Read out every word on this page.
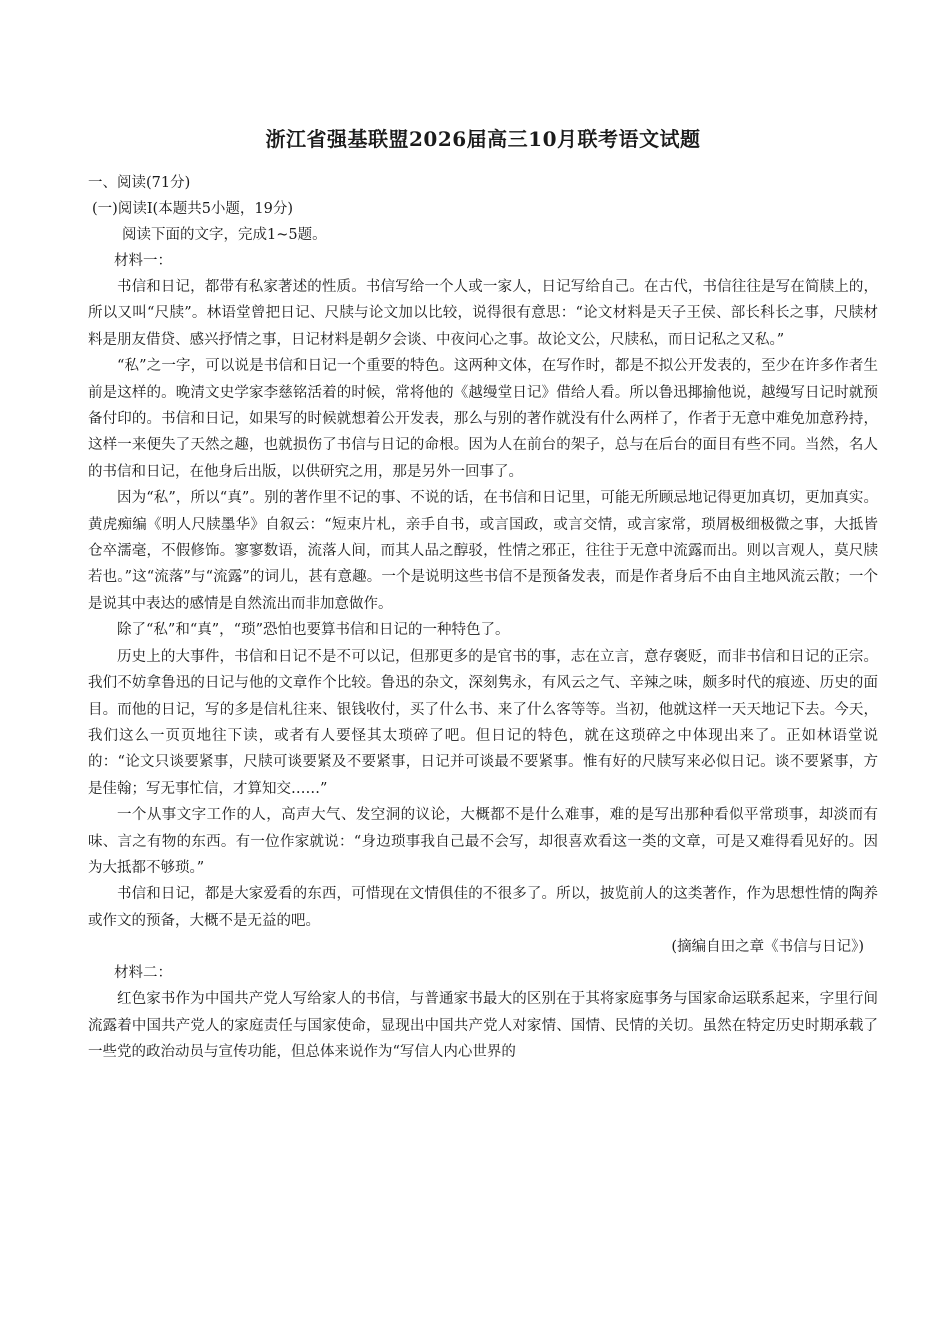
浙江省强基联盟2026届高三10月联考语文试题

一、阅读(71分)

(一)阅读Ⅰ(本题共5小题，19分)

阅读下面的文字，完成1~5题。

材料一：

书信和日记，都带有私家著述的性质。书信写给一个人或一家人，日记写给自己。在古代，书信往往是写在简牍上的，所以又叫“尺牍”。林语堂曾把日记、尺牍与论文加以比较，说得很有意思：“论文材料是天子王侯、部长科长之事，尺牍材料是朋友借贷、感兴抒情之事，日记材料是朝夕会谈、中夜问心之事。故论文公，尺牍私，而日记私之又私。”

“私”之一字，可以说是书信和日记一个重要的特色。这两种文体，在写作时，都是不拟公开发表的，至少在许多作者生前是这样的。晚清文史学家李慈铭活着的时候，常将他的《越缦堂日记》借给人看。所以鲁迅揶揄他说，越缦写日记时就预备付印的。书信和日记，如果写的时候就想着公开发表，那么与别的著作就没有什么两样了，作者于无意中难免加意矜持，这样一来便失了天然之趣，也就损伤了书信与日记的命根。因为人在前台的架子，总与在后台的面目有些不同。当然，名人的书信和日记，在他身后出版，以供研究之用，那是另外一回事了。

因为“私”，所以“真”。别的著作里不记的事、不说的话，在书信和日记里，可能无所顾忌地记得更加真切，更加真实。黄虎痴编《明人尺牍墨华》自叙云：“短束片札，亲手自书，或言国政，或言交情，或言家常，琐屑极细极微之事，大抵皆仓卒濡毫，不假修饰。寥寥数语，流落人间，而其人品之醇驳，性情之邪正，往往于无意中流露而出。则以言观人，莫尺牍若也。”这“流落”与“流露”的词儿，甚有意趣。一个是说明这些书信不是预备发表，而是作者身后不由自主地风流云散；一个是说其中表达的感情是自然流出而非加意做作。

除了“私”和“真”，“琐”恐怕也要算书信和日记的一种特色了。

历史上的大事件，书信和日记不是不可以记，但那更多的是官书的事，志在立言，意存褒贬，而非书信和日记的正宗。我们不妨拿鲁迅的日记与他的文章作个比较。鲁迅的杂文，深刻隽永，有风云之气、辛辣之味，颇多时代的痕迹、历史的面目。而他的日记，写的多是信札往来、银钱收付，买了什么书、来了什么客等等。当初，他就这样一天天地记下去。今天，我们这么一页页地往下读，或者有人要怪其太琐碎了吧。但日记的特色，就在这琐碎之中体现出来了。正如林语堂说的：“论文只谈要紧事，尺牍可谈要紧及不要紧事，日记并可谈最不要紧事。惟有好的尺牍写来必似日记。谈不要紧事，方是佳翰；写无事忙信，才算知交……”

一个从事文字工作的人，高声大气、发空洞的议论，大概都不是什么难事，难的是写出那种看似平常琐事，却淡而有味、言之有物的东西。有一位作家就说：“身边琐事我自己最不会写，却很喜欢看这一类的文章，可是又难得看见好的。因为大抵都不够琐。”

书信和日记，都是大家爱看的东西，可惜现在文情俱佳的不很多了。所以，披览前人的这类著作，作为思想性情的陶养或作文的预备，大概不是无益的吧。

(摘编自田之章《书信与日记》)

材料二：

红色家书作为中国共产党人写给家人的书信，与普通家书最大的区别在于其将家庭事务与国家命运联系起来，字里行间流露着中国共产党人的家庭责任与国家使命，显现出中国共产党人对家情、国情、民情的关切。虽然在特定历史时期承载了一些党的政治动员与宣传功能，但总体来说作为“写信人内心世界的
